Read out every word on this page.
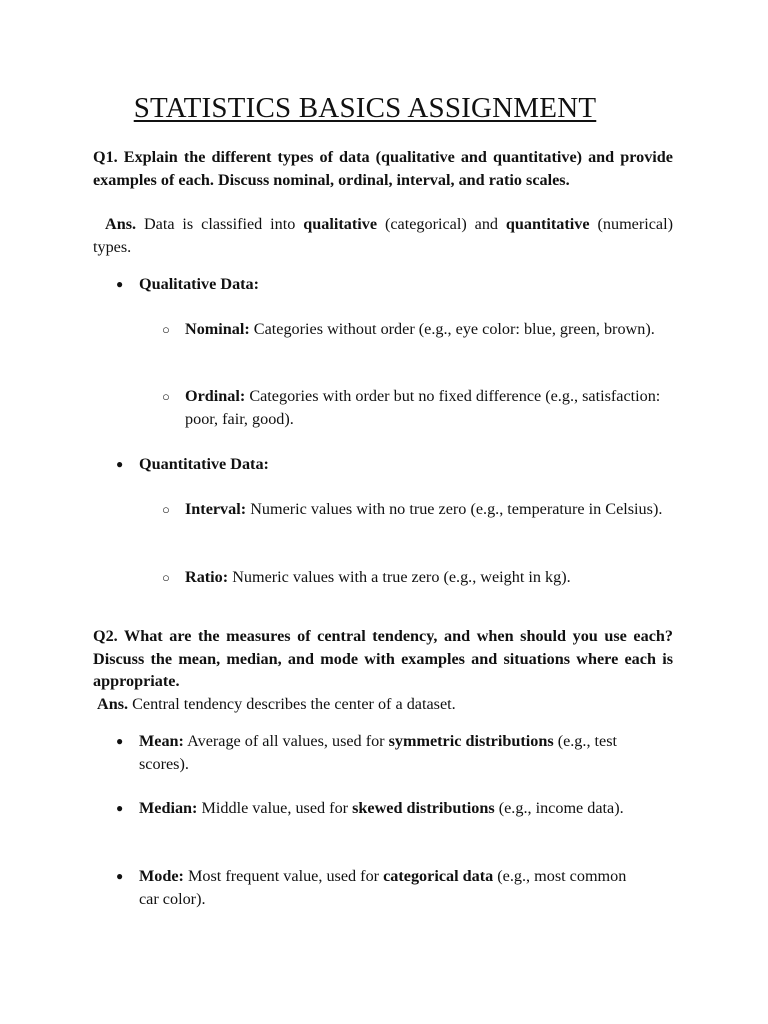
STATISTICS BASICS ASSIGNMENT
Q1. Explain the different types of data (qualitative and quantitative) and provide examples of each. Discuss nominal, ordinal, interval, and ratio scales.
Ans. Data is classified into qualitative (categorical) and quantitative (numerical) types.
● Qualitative Data:
○ Nominal: Categories without order (e.g., eye color: blue, green, brown).
○ Ordinal: Categories with order but no fixed difference (e.g., satisfaction: poor, fair, good).
● Quantitative Data:
○ Interval: Numeric values with no true zero (e.g., temperature in Celsius).
○ Ratio: Numeric values with a true zero (e.g., weight in kg).
Q2. What are the measures of central tendency, and when should you use each? Discuss the mean, median, and mode with examples and situations where each is appropriate.
Ans. Central tendency describes the center of a dataset.
● Mean: Average of all values, used for symmetric distributions (e.g., test scores).
● Median: Middle value, used for skewed distributions (e.g., income data).
● Mode: Most frequent value, used for categorical data (e.g., most common car color).
